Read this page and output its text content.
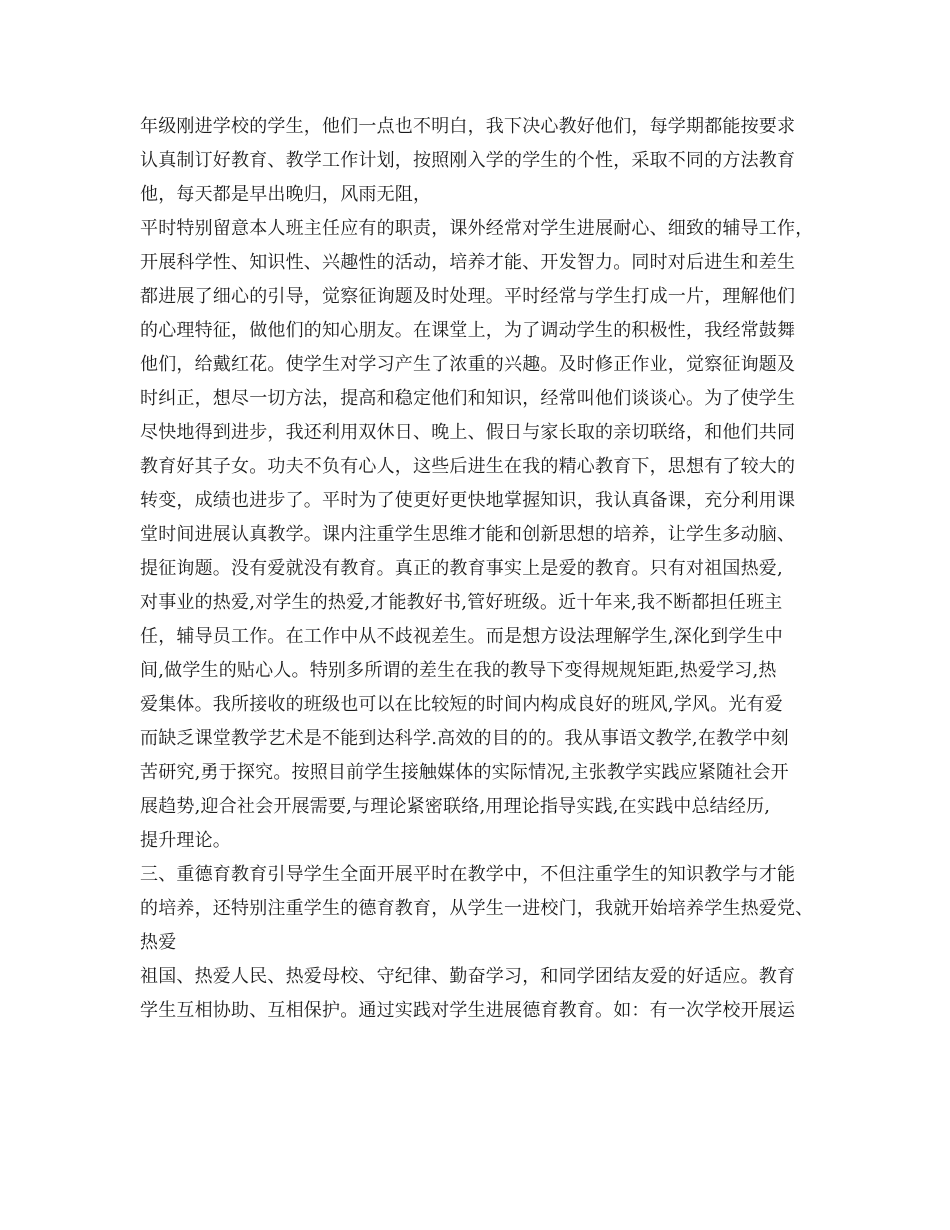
年级刚进学校的学生，他们一点也不明白，我下决心教好他们，每学期都能按要求
认真制订好教育、教学工作计划，按照刚入学的学生的个性，采取不同的方法教育
他，每天都是早出晚归，风雨无阻，
平时特别留意本人班主任应有的职责，课外经常对学生进展耐心、细致的辅导工作，
开展科学性、知识性、兴趣性的活动，培养才能、开发智力。同时对后进生和差生
都进展了细心的引导，觉察征询题及时处理。平时经常与学生打成一片，理解他们
的心理特征，做他们的知心朋友。在课堂上，为了调动学生的积极性，我经常鼓舞
他们，给戴红花。使学生对学习产生了浓重的兴趣。及时修正作业，觉察征询题及
时纠正，想尽一切方法，提高和稳定他们和知识，经常叫他们谈谈心。为了使学生
尽快地得到进步，我还利用双休日、晚上、假日与家长取的亲切联络，和他们共同
教育好其子女。功夫不负有心人，这些后进生在我的精心教育下，思想有了较大的
转变，成绩也进步了。平时为了使更好更快地掌握知识，我认真备课，充分利用课
堂时间进展认真教学。课内注重学生思维才能和创新思想的培养，让学生多动脑、
提征询题。没有爱就没有教育。真正的教育事实上是爱的教育。只有对祖国热爱,
对事业的热爱,对学生的热爱,才能教好书,管好班级。近十年来,我不断都担任班主
任，辅导员工作。在工作中从不歧视差生。而是想方设法理解学生,深化到学生中
间,做学生的贴心人。特别多所谓的差生在我的教导下变得规规矩距,热爱学习,热
爱集体。我所接收的班级也可以在比较短的时间内构成良好的班风,学风。光有爱
而缺乏课堂教学艺术是不能到达科学.高效的目的的。我从事语文教学,在教学中刻
苦研究,勇于探究。按照目前学生接触媒体的实际情况,主张教学实践应紧随社会开
展趋势,迎合社会开展需要,与理论紧密联络,用理论指导实践,在实践中总结经历,
提升理论。
三、重德育教育引导学生全面开展平时在教学中，不但注重学生的知识教学与才能
的培养，还特别注重学生的德育教育，从学生一进校门，我就开始培养学生热爱党、
热爱
祖国、热爱人民、热爱母校、守纪律、勤奋学习，和同学团结友爱的好适应。教育
学生互相协助、互相保护。通过实践对学生进展德育教育。如：有一次学校开展运
